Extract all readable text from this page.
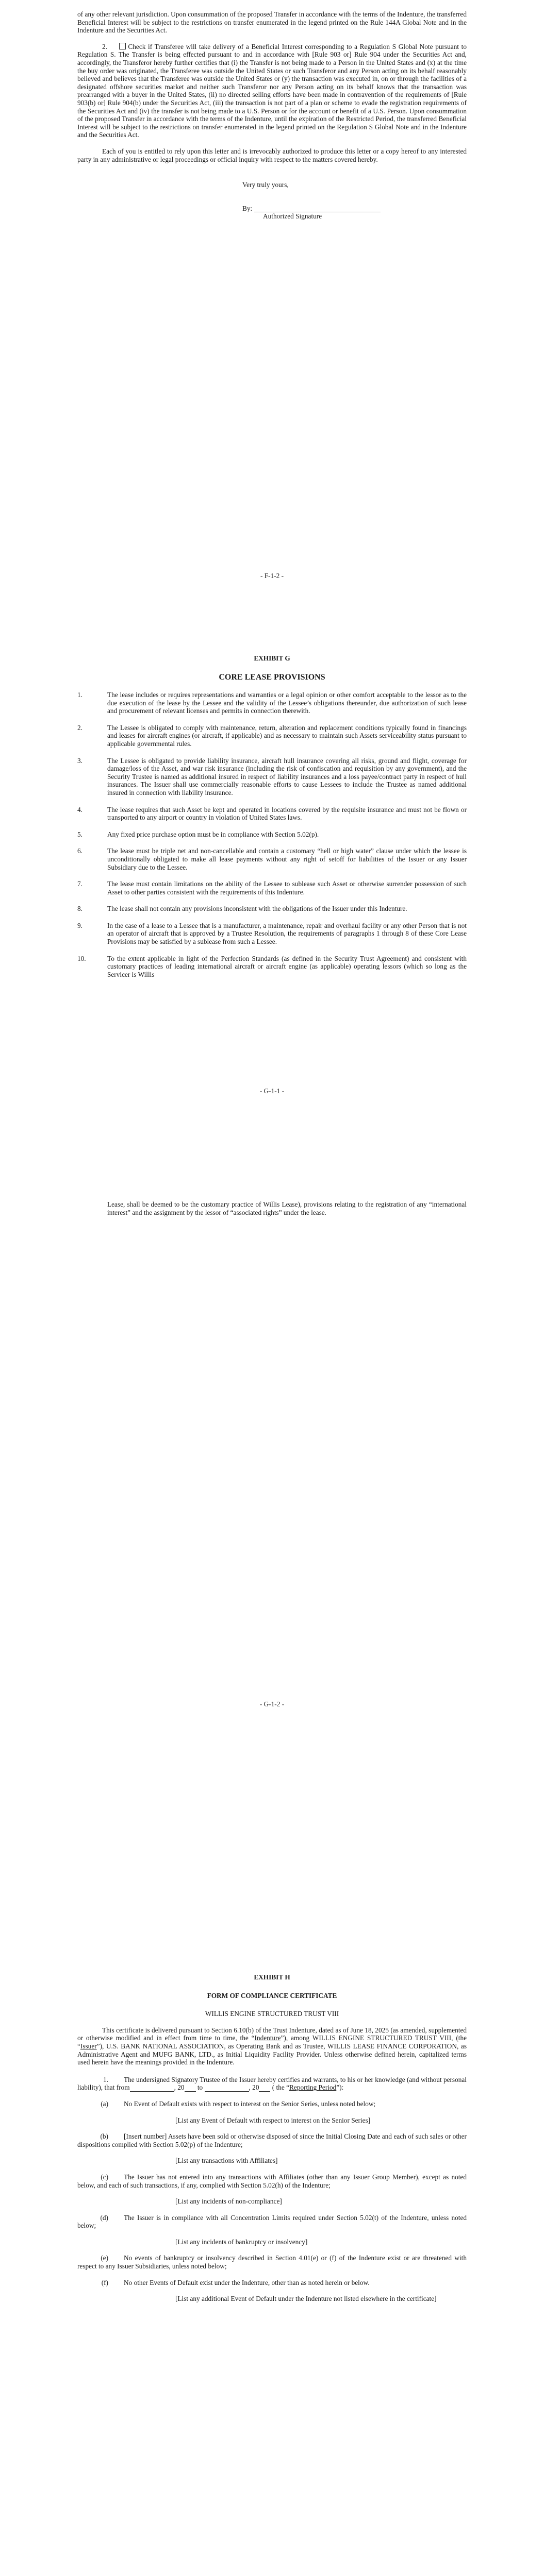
of any other relevant jurisdiction. Upon consummation of the proposed Transfer in accordance with the terms of the Indenture, the transferred Beneficial Interest will be subject to the restrictions on transfer enumerated in the legend printed on the Rule 144A Global Note and in the Indenture and the Securities Act.

2.	Check if Transferee will take delivery of a Beneficial Interest corresponding to a Regulation S Global Note pursuant to Regulation S. The Transfer is being effected pursuant to and in accordance with [Rule 903 or] Rule 904 under the Securities Act and, accordingly, the Transferor hereby further certifies that (i) the Transfer is not being made to a Person in the United States and (x) at the time the buy order was originated, the Transferee was outside the United States or such Transferor and any Person acting on its behalf reasonably believed and believes that the Transferee was outside the United States or (y) the transaction was executed in, on or through the facilities of a designated offshore securities market and neither such Transferor nor any Person acting on its behalf knows that the transaction was prearranged with a buyer in the United States, (ii) no directed selling efforts have been made in contravention of the requirements of [Rule 903(b) or] Rule 904(b) under the Securities Act, (iii) the transaction is not part of a plan or scheme to evade the registration requirements of the Securities Act and (iv) the transfer is not being made to a U.S. Person or for the account or benefit of a U.S. Person. Upon consummation of the proposed Transfer in accordance with the terms of the Indenture, until the expiration of the Restricted Period, the transferred Beneficial Interest will be subject to the restrictions on transfer enumerated in the legend printed on the Regulation S Global Note and in the Indenture and the Securities Act.

Each of you is entitled to rely upon this letter and is irrevocably authorized to produce this letter or a copy hereof to any interested party in any administrative or legal proceedings or official inquiry with respect to the matters covered hereby.

Very truly yours,

By:

Authorized Signature

- F-1-2 -

EXHIBIT G

CORE LEASE PROVISIONS

1.	The lease includes or requires representations and warranties or a legal opinion or other comfort acceptable to the lessor as to the due execution of the lease by the Lessee and the validity of the Lessee’s obligations thereunder, due authorization of such lease and procurement of relevant licenses and permits in connection therewith.
2.	The Lessee is obligated to comply with maintenance, return, alteration and replacement conditions typically found in financings and leases for aircraft engines (or aircraft, if applicable) and as necessary to maintain such Assets serviceability status pursuant to applicable governmental rules.
3.	The Lessee is obligated to provide liability insurance, aircraft hull insurance covering all risks, ground and flight, coverage for damage/loss of the Asset, and war risk insurance (including the risk of confiscation and requisition by any government), and the Security Trustee is named as additional insured in respect of liability insurances and a loss payee/contract party in respect of hull insurances. The Issuer shall use commercially reasonable efforts to cause Lessees to include the Trustee as named additional insured in connection with liability insurance.
4.	The lease requires that such Asset be kept and operated in locations covered by the requisite insurance and must not be flown or transported to any airport or country in violation of United States laws.
5.	Any fixed price purchase option must be in compliance with Section 5.02(p).
6.	The lease must be triple net and non-cancellable and contain a customary “hell or high water” clause under which the lessee is unconditionally obligated to make all lease payments without any right of setoff for liabilities of the Issuer or any Issuer Subsidiary due to the Lessee.
7.	The lease must contain limitations on the ability of the Lessee to sublease such Asset or otherwise surrender possession of such Asset to other parties consistent with the requirements of this Indenture.
8.	The lease shall not contain any provisions inconsistent with the obligations of the Issuer under this Indenture.
9.	In the case of a lease to a Lessee that is a manufacturer, a maintenance, repair and overhaul facility or any other Person that is not an operator of aircraft that is approved by a Trustee Resolution, the requirements of paragraphs 1 through 8 of these Core Lease Provisions may be satisfied by a sublease from such a Lessee.
10.	To the extent applicable in light of the Perfection Standards (as defined in the Security Trust Agreement) and consistent with customary practices of leading international aircraft or aircraft engine (as applicable) operating lessors (which so long as the Servicer is Willis
- G-1-1 -

Lease, shall be deemed to be the customary practice of Willis Lease), provisions relating to the registration of any “international interest” and the assignment by the lessor of “associated rights” under the lease.

- G-1-2 -

EXHIBIT H

FORM OF COMPLIANCE CERTIFICATE

WILLIS ENGINE STRUCTURED TRUST VIII

This certificate is delivered pursuant to Section 6.10(b) of the Trust Indenture, dated as of June 18, 2025 (as amended, supplemented or otherwise modified and in effect from time to time, the “Indenture”), among WILLIS ENGINE STRUCTURED TRUST VIII, (the “Issuer”), U.S. BANK NATIONAL ASSOCIATION, as Operating Bank and as Trustee, WILLIS LEASE FINANCE CORPORATION, as Administrative Agent and MUFG BANK, LTD., as Initial Liquidity Facility Provider. Unless otherwise defined herein, capitalized terms used herein have the meanings provided in the Indenture.

1. The undersigned Signatory Trustee of the Issuer hereby certifies and warrants, to his or her knowledge (and without personal liability), that from	, 20 to	, 20 ( the “Reporting Period”):

(a) No Event of Default exists with respect to interest on the Senior Series, unless noted below;

[List any Event of Default with respect to interest on the Senior Series]

(b) [Insert number] Assets have been sold or otherwise disposed of since the Initial Closing Date and each of such sales or other dispositions complied with Section 5.02(p) of the Indenture;

[List any transactions with Affiliates]

(c) The Issuer has not entered into any transactions with Affiliates (other than any Issuer Group Member), except as noted below, and each of such transactions, if any, complied with Section 5.02(h) of the Indenture;

[List any incidents of non-compliance]

(d) The Issuer is in compliance with all Concentration Limits required under Section 5.02(t) of the Indenture, unless noted below;

[List any incidents of bankruptcy or insolvency]

(e) No events of bankruptcy or insolvency described in Section 4.01(e) or (f) of the Indenture exist or are threatened with respect to any Issuer Subsidiaries, unless noted below;

(f) No other Events of Default exist under the Indenture, other than as noted herein or below.

[List any additional Event of Default under the Indenture not listed elsewhere in the certificate]
